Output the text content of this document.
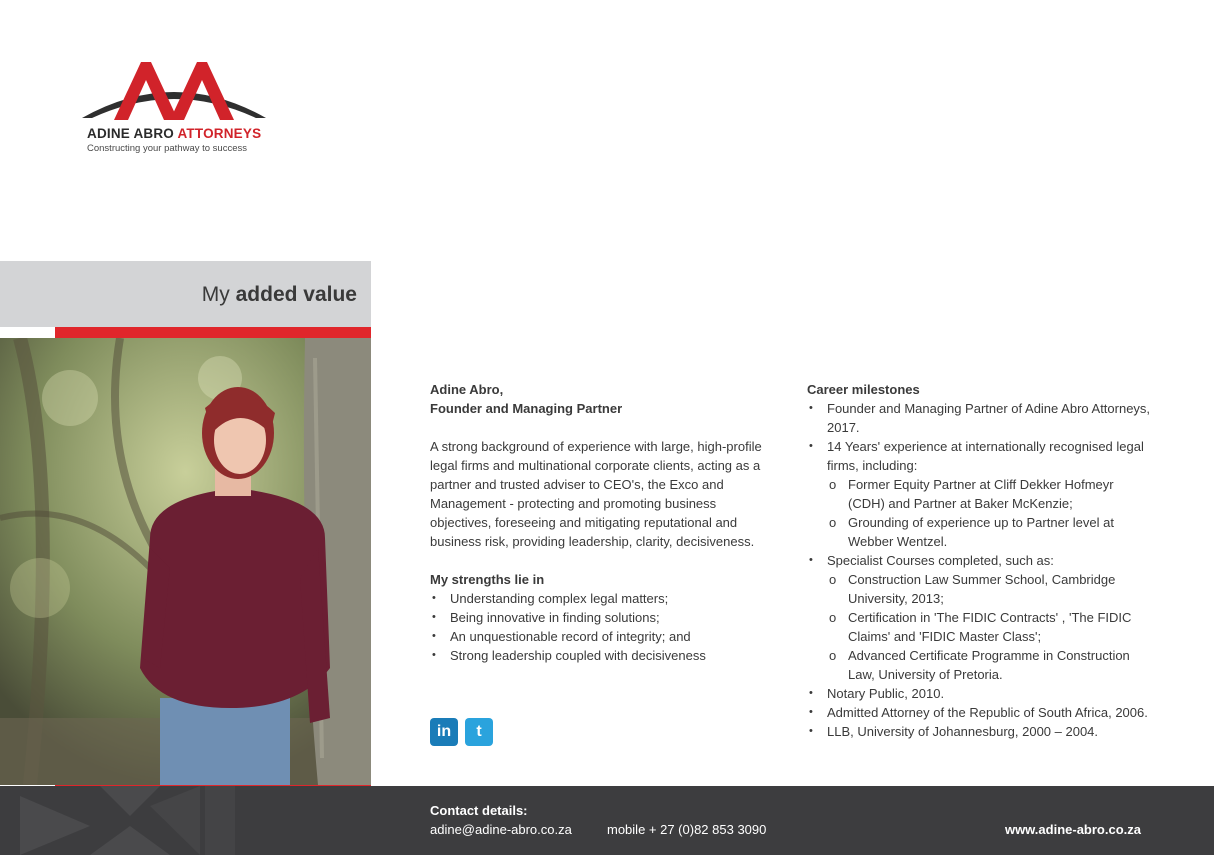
ADINE ABRO ATTORNEYS
Constructing your pathway to success
My added value
Adine Abro,
Founder and Managing Partner
A strong background of experience with large, high-profile legal firms and multinational corporate clients, acting as a partner and trusted adviser to CEO's, the Exco and Management - protecting and promoting business objectives, foreseeing and mitigating reputational and business risk, providing leadership, clarity, decisiveness.
My strengths lie in
• Understanding complex legal matters;
• Being innovative in finding solutions;
• An unquestionable record of integrity; and
• Strong leadership coupled with decisiveness
in	t
Career milestones
• Founder and Managing Partner of Adine Abro Attorneys, 2017.
• 14 Years' experience at internationally recognised legal firms, including:
o Former Equity Partner at Cliff Dekker Hofmeyr (CDH) and Partner at Baker McKenzie;
o Grounding of experience up to Partner level at Webber Wentzel.
• Specialist Courses completed, such as:
o Construction Law Summer School, Cambridge University, 2013;
o Certification in 'The FIDIC Contracts' , 'The FIDIC Claims' and 'FIDIC Master Class';
o Advanced Certificate Programme in Construction Law, University of Pretoria.
• Notary Public, 2010.
• Admitted Attorney of the Republic of South Africa, 2006.
• LLB, University of Johannesburg, 2000 – 2004.
Contact details:
adine@adine-abro.co.za	mobile + 27 (0)82 853 3090	www.adine-abro.co.za
